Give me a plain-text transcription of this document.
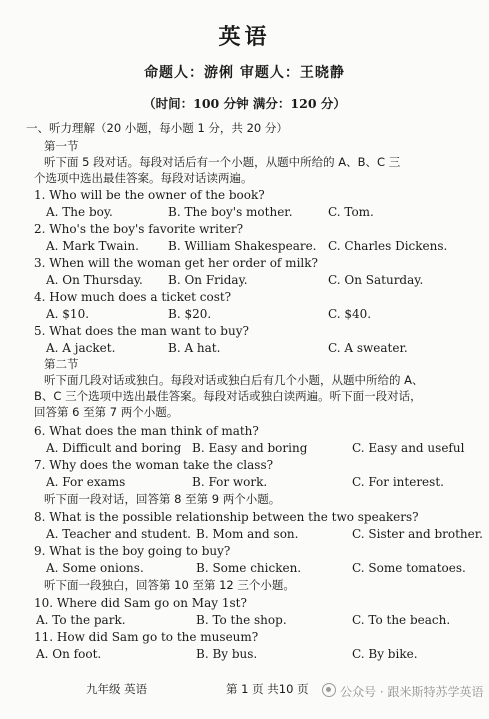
英语
命题人：游俐 审题人：王晓静
（时间：100 分钟 满分：120 分）
一、听力理解（20 小题，每小题 1 分，共 20 分）
第一节
听下面 5 段对话。每段对话后有一个小题，从题中所给的 A、B、C 三
个选项中选出最佳答案。每段对话读两遍。
1. Who will be the owner of the book?
A. The boy.	B. The boy's mother.	C. Tom.
2. Who's the boy's favorite writer?
A. Mark Twain. B. William Shakespeare. C. Charles Dickens.
3. When will the woman get her order of milk?
A. On Thursday. B. On Friday.	C. On Saturday.
4. How much does a ticket cost?
A. $10.	B. $20.	C. $40.
5. What does the man want to buy?
A. A jacket.	B. A hat.	C. A sweater.
第二节
听下面几段对话或独白。每段对话或独白后有几个小题，从题中所给的 A、
B、C 三个选项中选出最佳答案。每段对话或独白读两遍。听下面一段对话，
回答第 6 至第 7 两个小题。
6. What does the man think of math?
A. Difficult and boring B. Easy and boring	C. Easy and useful
7. Why does the woman take the class?
A. For exams	B. For work.	C. For interest.
听下面一段对话，回答第 8 至第 9 两个小题。
8. What is the possible relationship between the two speakers?
A. Teacher and student. B. Mom and son.	C. Sister and brother.
9. What is the boy going to buy?
A. Some onions.	B. Some chicken.	C. Some tomatoes.
听下面一段独白，回答第 10 至第 12 三个小题。
10. Where did Sam go on May 1st?
A. To the park.	B. To the shop.	C. To the beach.
11. How did Sam go to the museum?
A. On foot.	B. By bus.	C. By bike.
九年级 英语	第 1 页 共10 页	公众号 · 跟米斯特苏学英语
